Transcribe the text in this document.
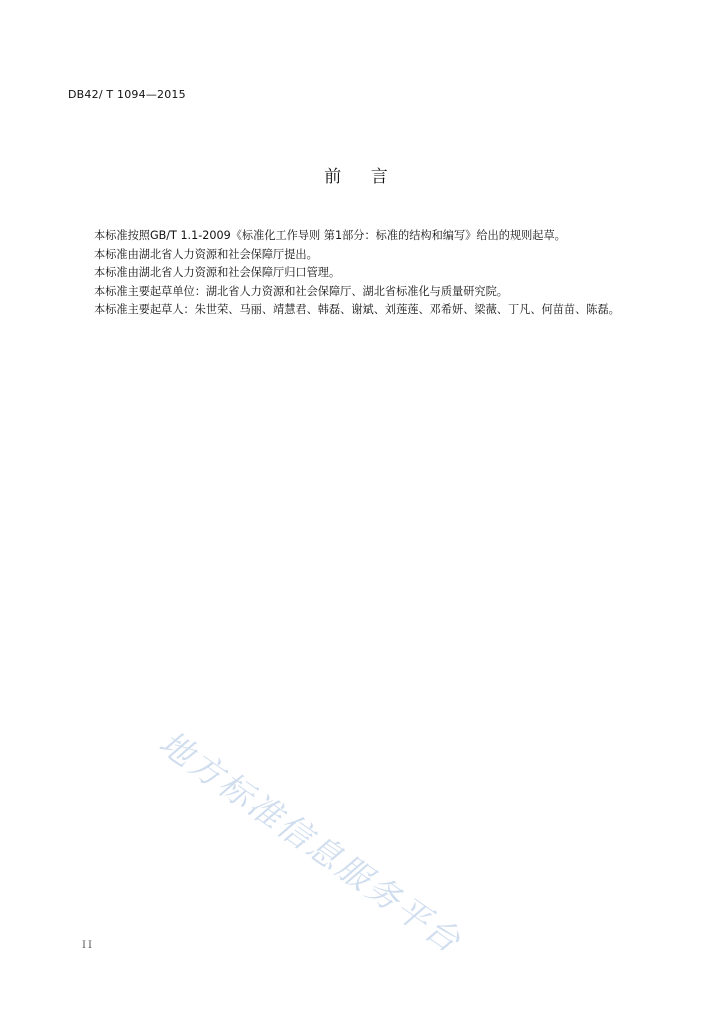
DB42/ T 1094—2015
前 言

本标准按照GB/T 1.1-2009《标准化工作导则 第1部分：标准的结构和编写》给出的规则起草。

本标准由湖北省人力资源和社会保障厅提出。

本标准由湖北省人力资源和社会保障厅归口管理。

本标准主要起草单位：湖北省人力资源和社会保障厅、湖北省标准化与质量研究院。

本标准主要起草人：朱世荣、马丽、靖慧君、韩磊、谢斌、刘莲莲、邓希妍、梁薇、丁凡、何苗苗、陈磊。

地方标准信息服务平台
II
